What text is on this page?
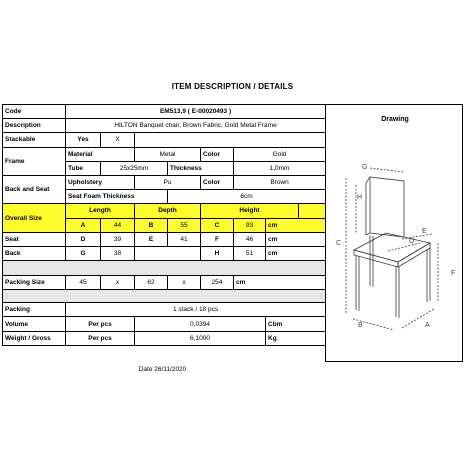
ITEM DESCRIPTION / DETAILS
Code	EM513,9 ( E-00020493 )							
Description	HILTON Banquet chair, Brown Fabric, Gold Metal Frame							
Stackable	Yes	X						
Frame	Material		Metal		Color	Gold		
	Tube	25x25mm		Thickness		1,0mm		
Back and Seat	Upholstery		Pu		Color	Brown		
	Seat Foam Thickness			6cm				
Overall Size	Length		Depth		Height			
	A	44	B	55	C	93	cm	
Seat	D	39	E	41	F	46	cm	
Back	G	38			H	51	cm	

Packing Size	45	x	62	x	254	cm		

Packing	1 stack / 18 pcs							
Volume	Per pcs		0,0394				Cbm	
Weight / Gross	Per pcs		6,1000				Kg	
Date 26/11/2020
Drawing
G
H
C	D
E
F
B	A
